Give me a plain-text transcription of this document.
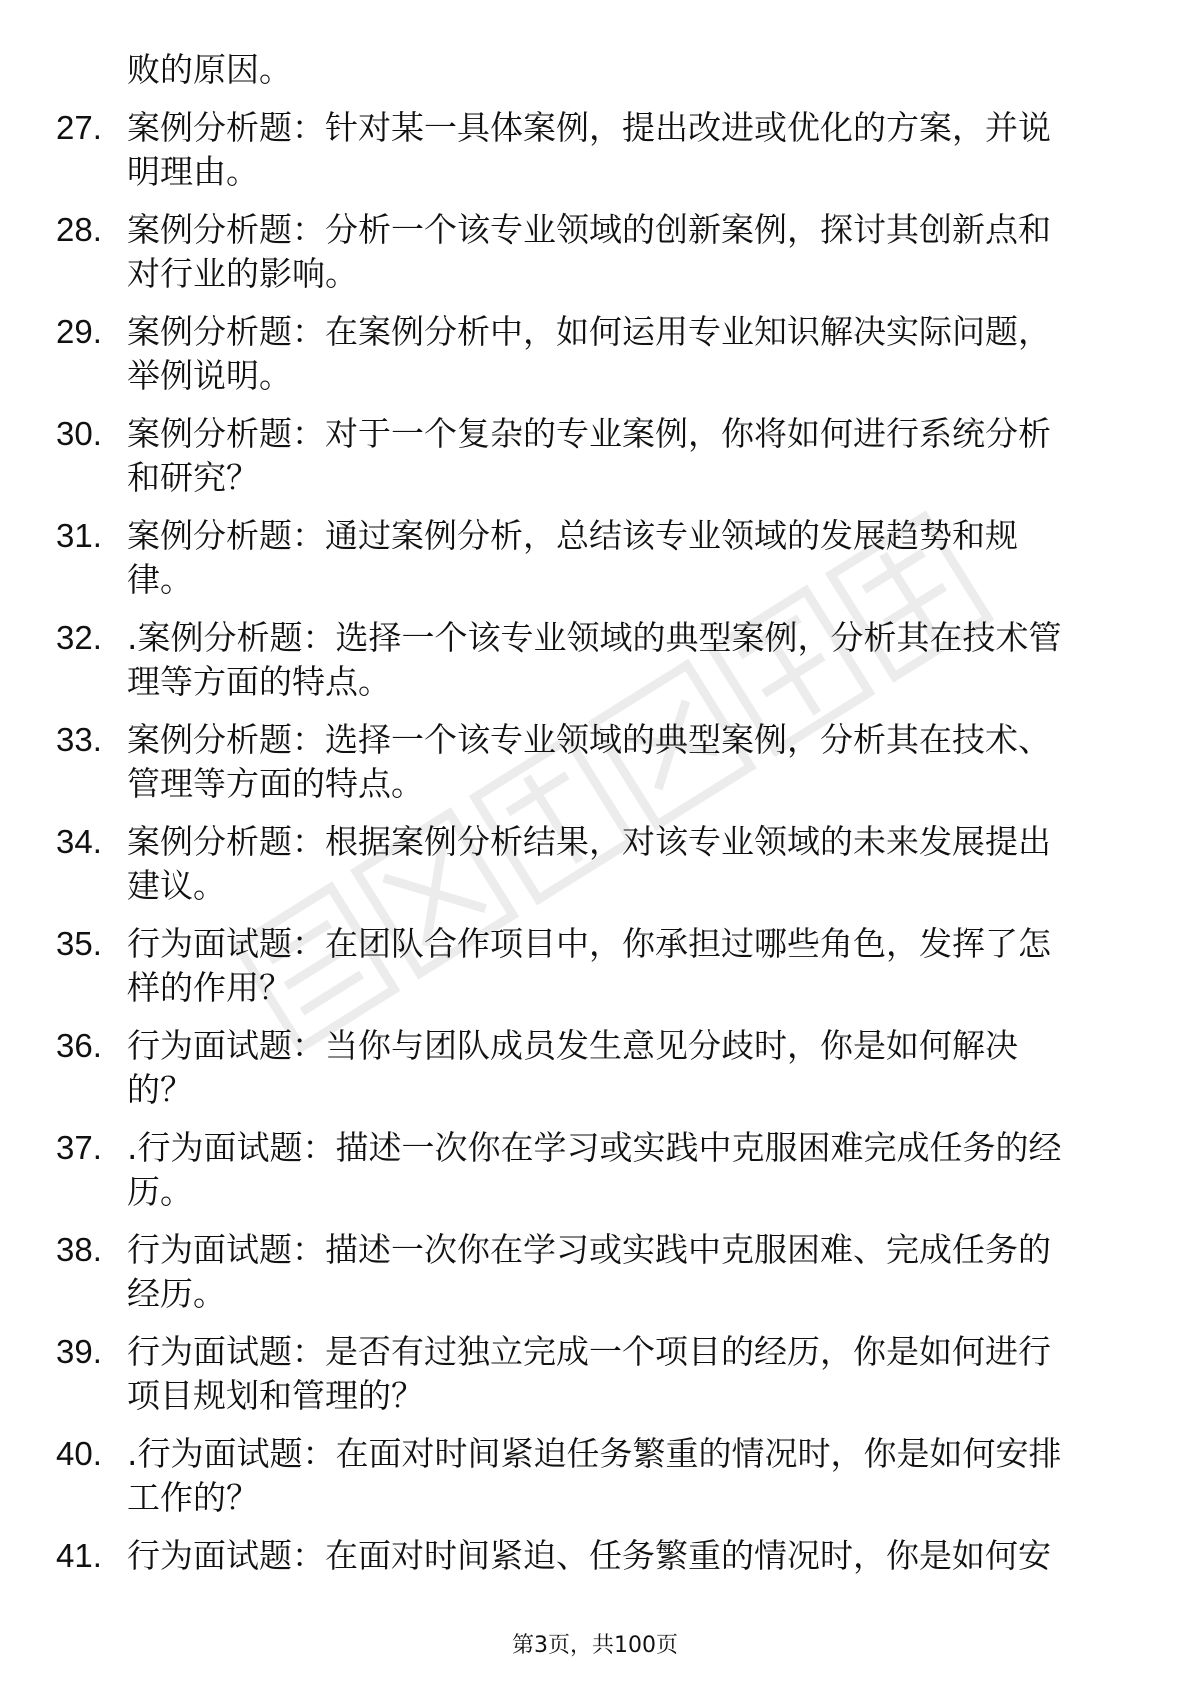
败的原因。
27. 案例分析题：针对某一具体案例，提出改进或优化的方案，并说
明理由。
28. 案例分析题：分析一个该专业领域的创新案例，探讨其创新点和
对行业的影响。
29. 案例分析题：在案例分析中，如何运用专业知识解决实际问题，
举例说明。
30. 案例分析题：对于一个复杂的专业案例，你将如何进行系统分析
和研究？
31. 案例分析题：通过案例分析，总结该专业领域的发展趋势和规
律。
32. .案例分析题：选择一个该专业领域的典型案例，分析其在技术管
理等方面的特点。
33. 案例分析题：选择一个该专业领域的典型案例，分析其在技术、
管理等方面的特点。
34. 案例分析题：根据案例分析结果，对该专业领域的未来发展提出
建议。
35. 行为面试题：在团队合作项目中，你承担过哪些角色，发挥了怎
样的作用？
36. 行为面试题：当你与团队成员发生意见分歧时，你是如何解决
的？
37. .行为面试题：描述一次你在学习或实践中克服困难完成任务的经
历。
38. 行为面试题：描述一次你在学习或实践中克服困难、完成任务的
经历。
39. 行为面试题：是否有过独立完成一个项目的经历，你是如何进行
项目规划和管理的？
40. .行为面试题：在面对时间紧迫任务繁重的情况时，你是如何安排
工作的？
41. 行为面试题：在面对时间紧迫、任务繁重的情况时，你是如何安
第3页，共100页
